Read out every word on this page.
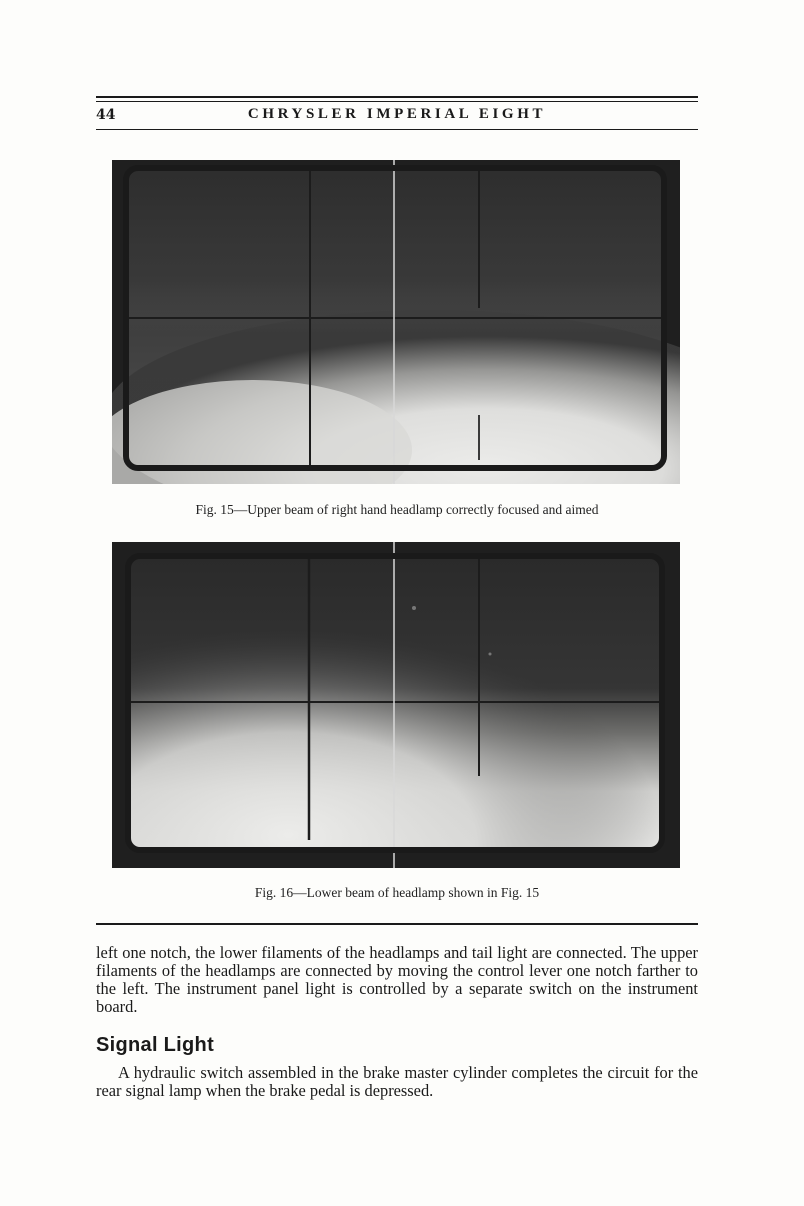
44	CHRYSLER IMPERIAL EIGHT
Fig. 15—Upper beam of right hand headlamp correctly focused and aimed
Fig. 16—Lower beam of headlamp shown in Fig. 15
left one notch, the lower filaments of the headlamps and tail light are connected. The upper filaments of the headlamps are connected by moving the control lever one notch farther to the left. The instrument panel light is controlled by a separate switch on the instrument board.
Signal Light
A hydraulic switch assembled in the brake master cylinder completes the circuit for the rear signal lamp when the brake pedal is depressed.
